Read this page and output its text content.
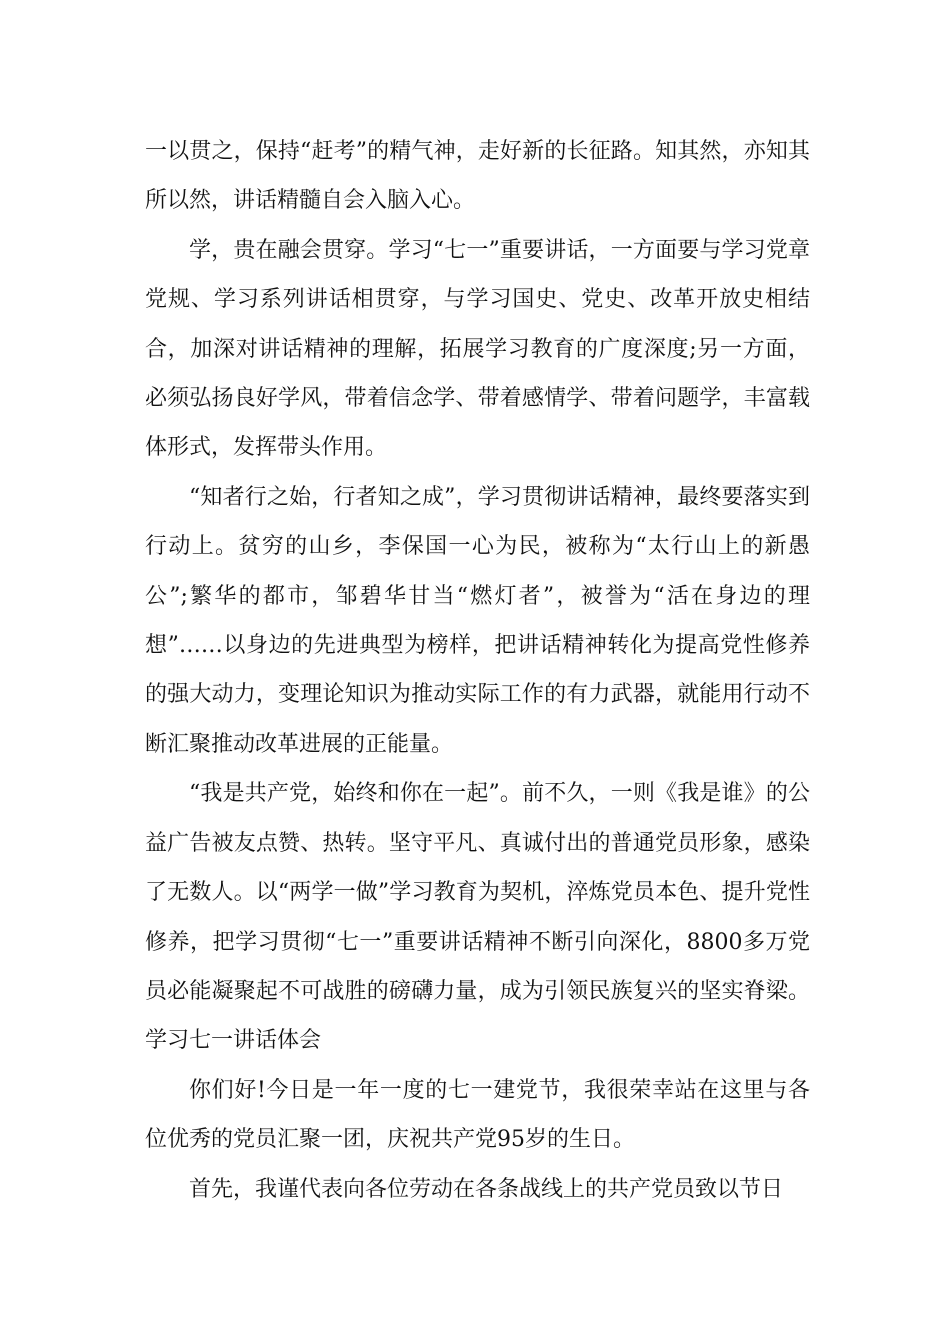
一以贯之，保持“赶考”的精气神，走好新的长征路。知其然，亦知其所以然，讲话精髓自会入脑入心。

学，贵在融会贯穿。学习“七一”重要讲话，一方面要与学习党章党规、学习系列讲话相贯穿，与学习国史、党史、改革开放史相结合，加深对讲话精神的理解，拓展学习教育的广度深度;另一方面，必须弘扬良好学风，带着信念学、带着感情学、带着问题学，丰富载体形式，发挥带头作用。

“知者行之始，行者知之成”，学习贯彻讲话精神，最终要落实到行动上。贫穷的山乡，李保国一心为民，被称为“太行山上的新愚公”;繁华的都市，邹碧华甘当“燃灯者”，被誉为“活在身边的理想”……以身边的先进典型为榜样，把讲话精神转化为提高党性修养的强大动力，变理论知识为推动实际工作的有力武器，就能用行动不断汇聚推动改革进展的正能量。

“我是共产党，始终和你在一起”。前不久，一则《我是谁》的公益广告被友点赞、热转。坚守平凡、真诚付出的普通党员形象，感染了无数人。以“两学一做”学习教育为契机，淬炼党员本色、提升党性修养，把学习贯彻“七一”重要讲话精神不断引向深化，8800多万党员必能凝聚起不可战胜的磅礴力量，成为引领民族复兴的坚实脊梁。学习七一讲话体会

你们好!今日是一年一度的七一建党节，我很荣幸站在这里与各位优秀的党员汇聚一团，庆祝共产党95岁的生日。

首先，我谨代表向各位劳动在各条战线上的共产党员致以节日
